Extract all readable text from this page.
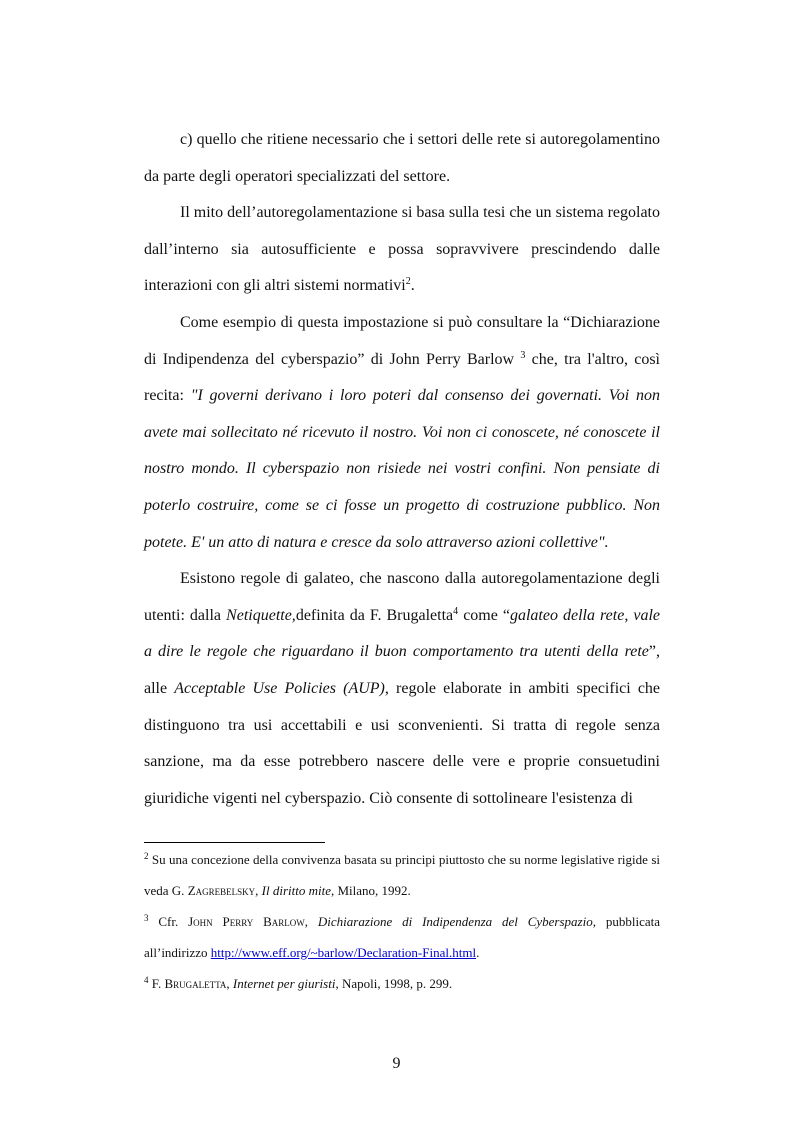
c) quello che ritiene necessario che i settori delle rete si autoregolamentino da parte degli operatori specializzati del settore.

Il mito dell’autoregolamentazione si basa sulla tesi che un sistema regolato dall’interno sia autosufficiente e possa sopravvivere prescindendo dalle interazioni con gli altri sistemi normativi$^2$.

Come esempio di questa impostazione si può consultare la “Dichiarazione di Indipendenza del cyberspazio” di John Perry Barlow $^3$ che, tra l'altro, così recita: "I governi derivano i loro poteri dal consenso dei governati. Voi non avete mai sollecitato né ricevuto il nostro. Voi non ci conoscete, né conoscete il nostro mondo. Il cyberspazio non risiede nei vostri confini. Non pensiate di poterlo costruire, come se ci fosse un progetto di costruzione pubblico. Non potete. E' un atto di natura e cresce da solo attraverso azioni collettive".

Esistono regole di galateo, che nascono dalla autoregolamentazione degli utenti: dalla Netiquette,definita da F. Brugaletta$^4$ come “galateo della rete, vale a dire le regole che riguardano il buon comportamento tra utenti della rete”, alle Acceptable Use Policies (AUP), regole elaborate in ambiti specifici che distinguono tra usi accettabili e usi sconvenienti. Si tratta di regole senza sanzione, ma da esse potrebbero nascere delle vere e proprie consuetudini giuridiche vigenti nel cyberspazio. Ciò consente di sottolineare l'esistenza di

$^2$ Su una concezione della convivenza basata su principi piuttosto che su norme legislative rigide si veda G. Zagrebelsky, Il diritto mite, Milano, 1992.

$^3$ Cfr. John Perry Barlow, Dichiarazione di Indipendenza del Cyberspazio, pubblicata all’indirizzo http://www.eff.org/~barlow/Declaration-Final.html.

$^4$ F. Brugaletta, Internet per giuristi, Napoli, 1998, p. 299.

9
